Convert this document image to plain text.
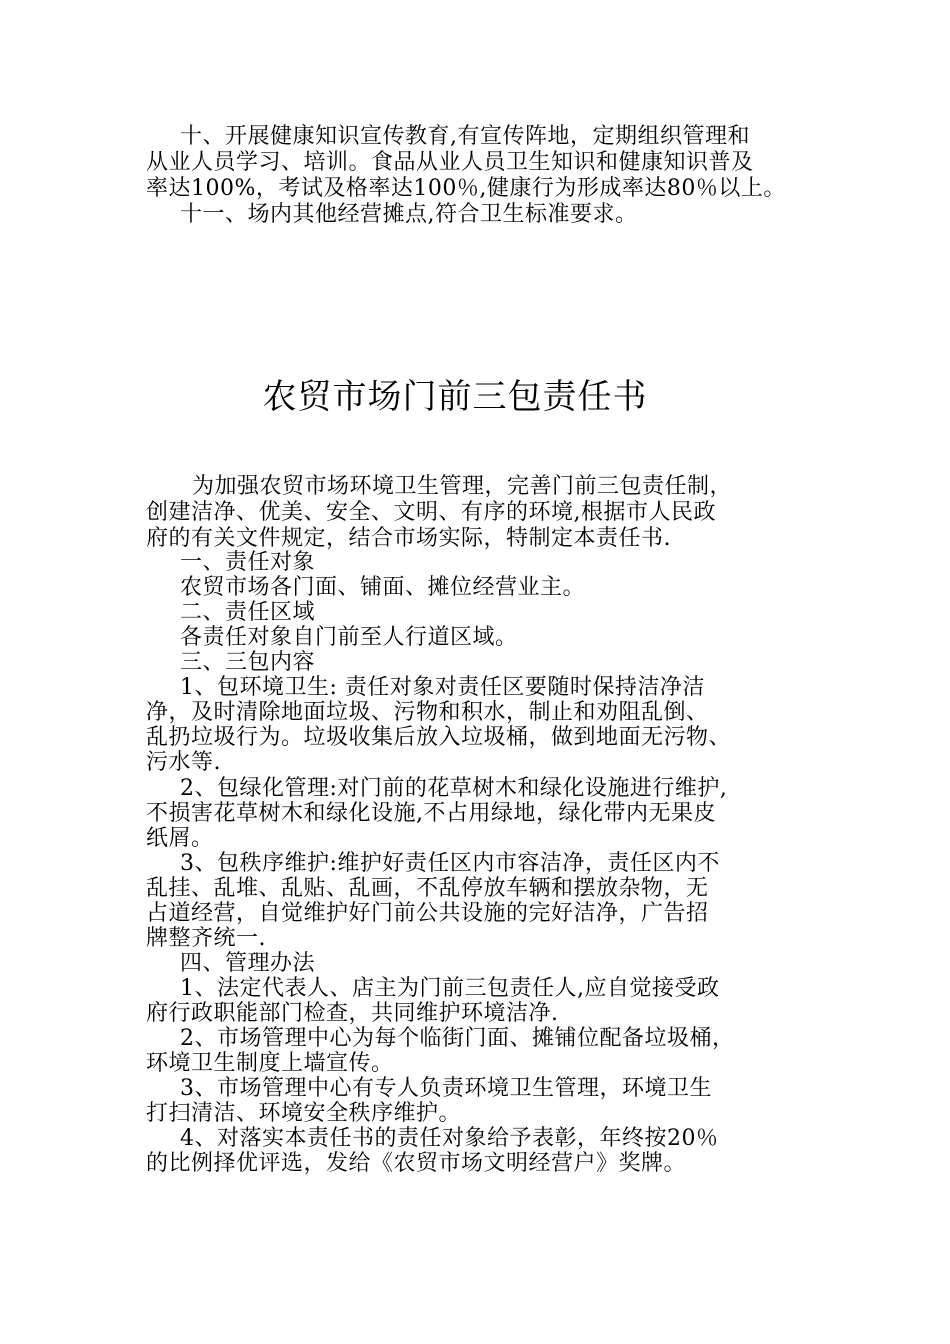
十、开展健康知识宣传教育,有宣传阵地，定期组织管理和
从业人员学习、培训。食品从业人员卫生知识和健康知识普及
率达100%，考试及格率达100％,健康行为形成率达80％以上。
十一、场内其他经营摊点,符合卫生标准要求。
农贸市场门前三包责任书
为加强农贸市场环境卫生管理，完善门前三包责任制，
创建洁净、优美、安全、文明、有序的环境,根据市人民政
府的有关文件规定，结合市场实际，特制定本责任书.
一、责任对象
农贸市场各门面、铺面、摊位经营业主。
二、责任区域
各责任对象自门前至人行道区域。
三、三包内容
1、包环境卫生: 责任对象对责任区要随时保持洁净洁
净，及时清除地面垃圾、污物和积水，制止和劝阻乱倒、
乱扔垃圾行为。垃圾收集后放入垃圾桶，做到地面无污物、
污水等.
2、包绿化管理:对门前的花草树木和绿化设施进行维护,
不损害花草树木和绿化设施,不占用绿地，绿化带内无果皮
纸屑。
3、包秩序维护:维护好责任区内市容洁净，责任区内不
乱挂、乱堆、乱贴、乱画，不乱停放车辆和摆放杂物，无
占道经营，自觉维护好门前公共设施的完好洁净，广告招
牌整齐统一.
四、管理办法
1、法定代表人、店主为门前三包责任人,应自觉接受政
府行政职能部门检查，共同维护环境洁净.
2、市场管理中心为每个临街门面、摊铺位配备垃圾桶，
环境卫生制度上墙宣传。
3、市场管理中心有专人负责环境卫生管理，环境卫生
打扫清洁、环境安全秩序维护。
4、对落实本责任书的责任对象给予表彰，年终按20％
的比例择优评选，发给《农贸市场文明经营户》奖牌。
